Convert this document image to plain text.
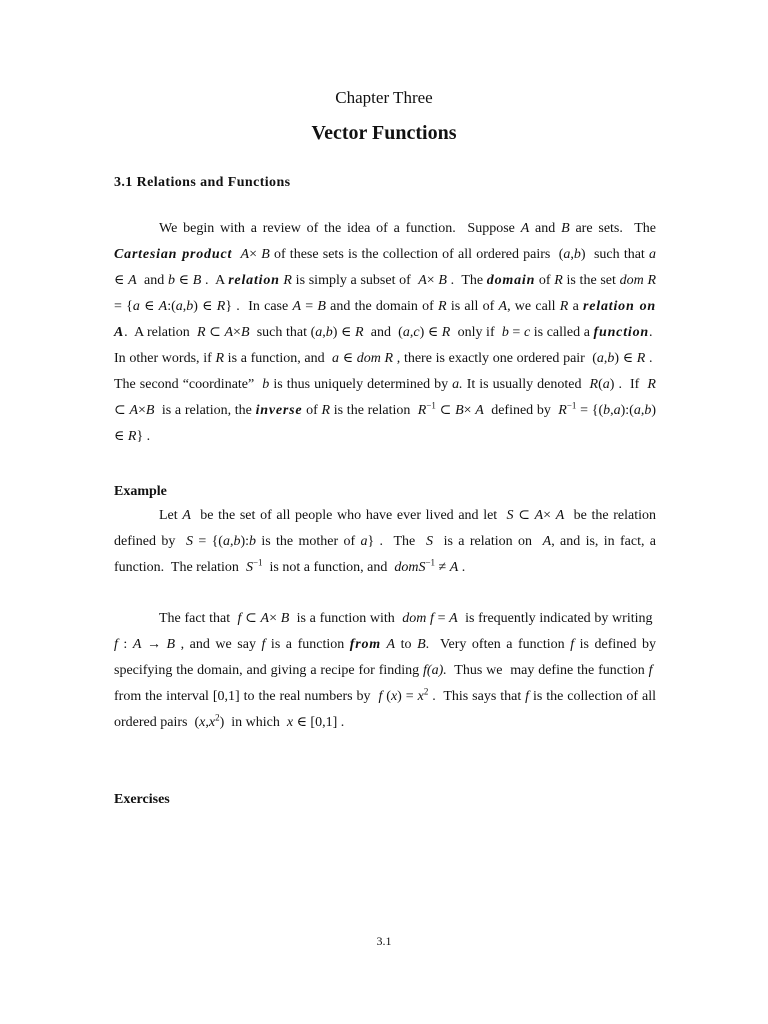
Chapter Three
Vector Functions
3.1 Relations and Functions
We begin with a review of the idea of a function.  Suppose A and B are sets.  The Cartesian product A× B of these sets is the collection of all ordered pairs  (a,b)  such that a ∈ A  and b ∈ B .  A relation R is simply a subset of  A× B .  The domain of R is the set dom R = {a ∈ A:(a,b) ∈ R} .  In case A = B and the domain of R is all of A, we call R a relation on A.  A relation  R ⊂ A×B  such that (a,b) ∈ R  and  (a,c) ∈ R  only if  b = c is called a function.  In other words, if R is a function, and  a ∈ dom R , there is exactly one ordered pair  (a,b) ∈ R .  The second “coordinate”  b is thus uniquely determined by a. It is usually denoted  R(a) .  If  R ⊂ A×B  is a relation, the inverse of R is the relation  $R^{-1}$ ⊂ B× A  defined by  $R^{-1}$ = {(b,a):(a,b) ∈ R} .
Example
Let A  be the set of all people who have ever lived and let  S ⊂ A× A  be the relation defined by  S = {(a,b):b is the mother of a} .  The  S  is a relation on  A, and is, in fact, a function.  The relation  $S^{-1}$  is not a function, and  domS$^{-1}$ ≠ A .
The fact that  f ⊂ A× B  is a function with  dom f = A  is frequently indicated by writing  f : A → B , and we say f is a function from A to B.  Very often a function f is defined by specifying the domain, and giving a recipe for finding f(a).  Thus we  may define the function f  from the interval [0,1] to the real numbers by  f $(x) = x^2$ .  This says that f is the collection of all ordered pairs  $(x,x^2)$  in which  x ∈ [0,1] .
Exercises
3.1
